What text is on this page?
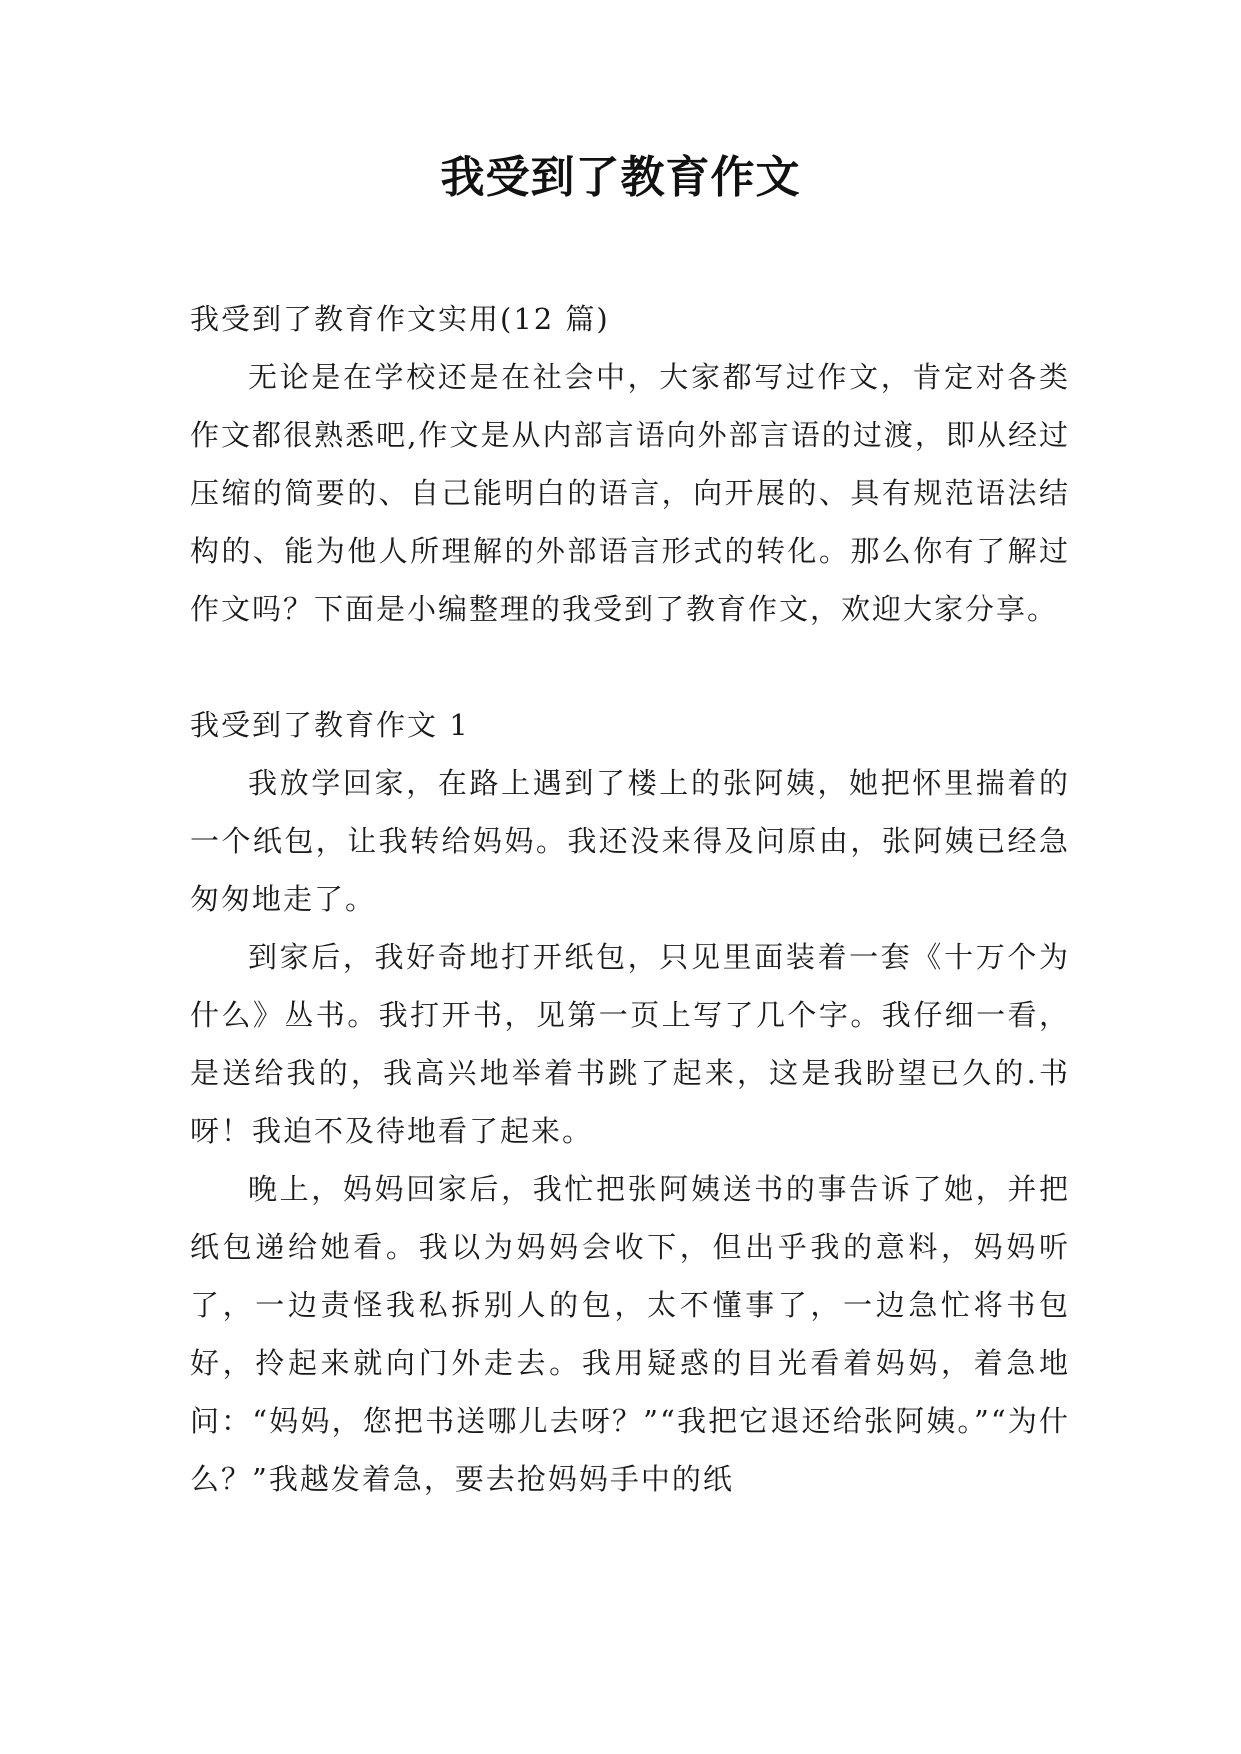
我受到了教育作文

我受到了教育作文实用(12 篇)

无论是在学校还是在社会中，大家都写过作文，肯定对各类作文都很熟悉吧,作文是从内部言语向外部言语的过渡，即从经过压缩的简要的、自己能明白的语言，向开展的、具有规范语法结构的、能为他人所理解的外部语言形式的转化。那么你有了解过作文吗？下面是小编整理的我受到了教育作文，欢迎大家分享。

我受到了教育作文 1

我放学回家，在路上遇到了楼上的张阿姨，她把怀里揣着的一个纸包，让我转给妈妈。我还没来得及问原由，张阿姨已经急匆匆地走了。

到家后，我好奇地打开纸包，只见里面装着一套《十万个为什么》丛书。我打开书，见第一页上写了几个字。我仔细一看，是送给我的，我高兴地举着书跳了起来，这是我盼望已久的.书呀！我迫不及待地看了起来。

晚上，妈妈回家后，我忙把张阿姨送书的事告诉了她，并把纸包递给她看。我以为妈妈会收下，但出乎我的意料，妈妈听了，一边责怪我私拆别人的包，太不懂事了，一边急忙将书包好，拎起来就向门外走去。我用疑惑的目光看着妈妈，着急地问：“妈妈，您把书送哪儿去呀？”“我把它退还给张阿姨。”“为什么？”我越发着急，要去抢妈妈手中的纸
